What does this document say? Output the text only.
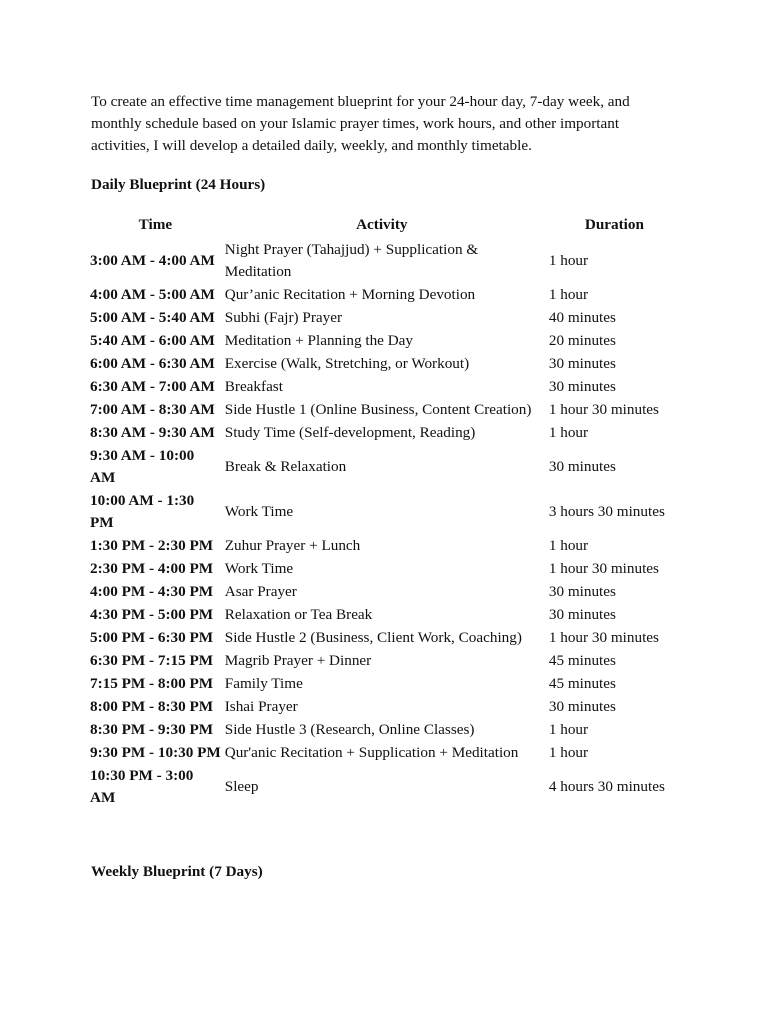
To create an effective time management blueprint for your 24-hour day, 7-day week, and monthly schedule based on your Islamic prayer times, work hours, and other important activities, I will develop a detailed daily, weekly, and monthly timetable.

Daily Blueprint (24 Hours)
Time	Activity	Duration
3:00 AM - 4:00 AM	Night Prayer (Tahajjud) + Supplication & Meditation	1 hour
4:00 AM - 5:00 AM	Qur’anic Recitation + Morning Devotion	1 hour
5:00 AM - 5:40 AM	Subhi (Fajr) Prayer	40 minutes
5:40 AM - 6:00 AM	Meditation + Planning the Day	20 minutes
6:00 AM - 6:30 AM	Exercise (Walk, Stretching, or Workout)	30 minutes
6:30 AM - 7:00 AM	Breakfast	30 minutes
7:00 AM - 8:30 AM	Side Hustle 1 (Online Business, Content Creation)	1 hour 30 minutes
8:30 AM - 9:30 AM	Study Time (Self-development, Reading)	1 hour
9:30 AM - 10:00 AM	Break & Relaxation	30 minutes
10:00 AM - 1:30 PM	Work Time	3 hours 30 minutes
1:30 PM - 2:30 PM	Zuhur Prayer + Lunch	1 hour
2:30 PM - 4:00 PM	Work Time	1 hour 30 minutes
4:00 PM - 4:30 PM	Asar Prayer	30 minutes
4:30 PM - 5:00 PM	Relaxation or Tea Break	30 minutes
5:00 PM - 6:30 PM	Side Hustle 2 (Business, Client Work, Coaching)	1 hour 30 minutes
6:30 PM - 7:15 PM	Magrib Prayer + Dinner	45 minutes
7:15 PM - 8:00 PM	Family Time	45 minutes
8:00 PM - 8:30 PM	Ishai Prayer	30 minutes
8:30 PM - 9:30 PM	Side Hustle 3 (Research, Online Classes)	1 hour
9:30 PM - 10:30 PM	Qur'anic Recitation + Supplication + Meditation	1 hour
10:30 PM - 3:00 AM	Sleep	4 hours 30 minutes
Weekly Blueprint (7 Days)
